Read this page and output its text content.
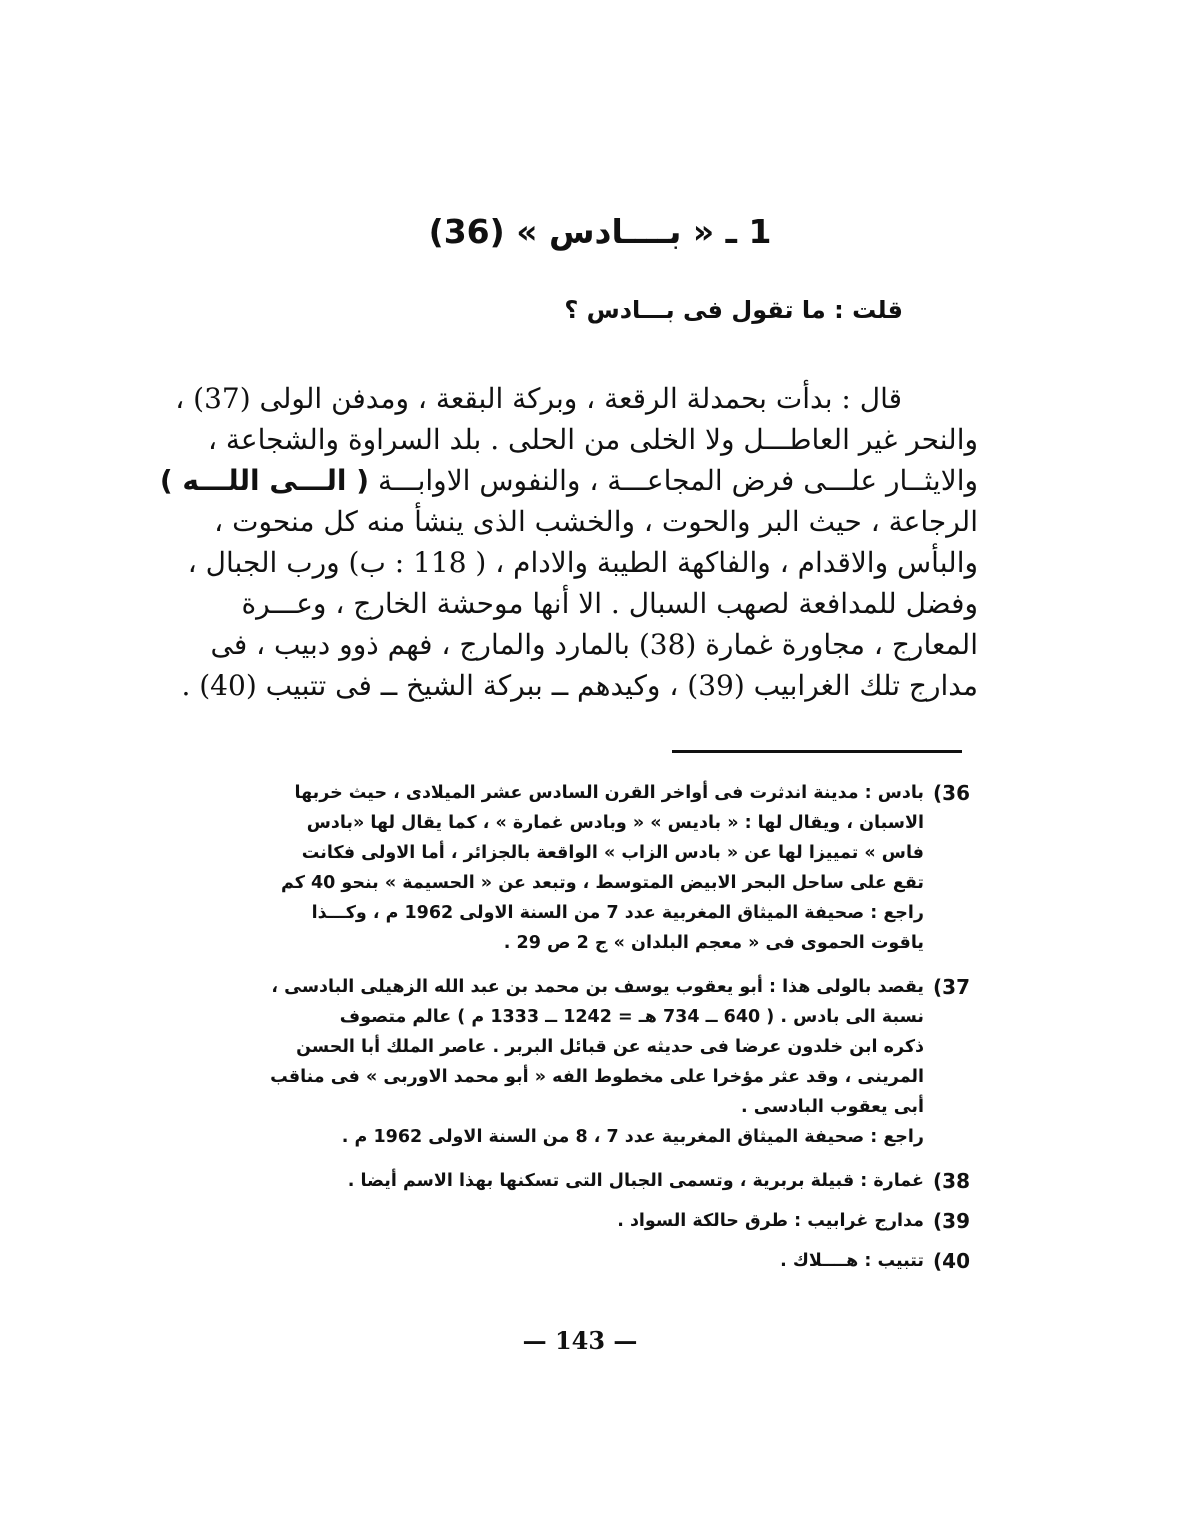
1 ـ « بــــادس » (36)
قلت : ما تقول فى بـــادس ؟
قال : بدأت بحمدلة الرقعة ، وبركة البقعة ، ومدفن الولى (37) ،
والنحر غير العاطـــل ولا الخلى من الحلى . بلد السراوة والشجاعة ،
والايثــار علـــى فرض المجاعـــة ، والنفوس الاوابـــة ( الـــى اللـــه )
الرجاعة ، حيث البر والحوت ، والخشب الذى ينشأ منه كل منحوت ،
والبأس والاقدام ، والفاكهة الطيبة والادام ، ( 118 : ب) ورب الجبال ،
وفضل للمدافعة لصهب السبال . الا أنها موحشة الخارج ، وعـــرة
المعارج ، مجاورة غمارة (38) بالمارد والمارج ، فهم ذوو دبيب ، فى
مدارج تلك الغرابيب (39) ، وكيدهم ــ ببركة الشيخ ــ فى تتبيب (40) .
(36
بادس : مدينة اندثرت فى أواخر القرن السادس عشر الميلادى ، حيث خربها
الاسبان ، ويقال لها : « باديس » « وبادس غمارة » ، كما يقال لها «بادس
فاس » تمييزا لها عن « بادس الزاب » الواقعة بالجزائر ، أما الاولى فكانت
تقع على ساحل البحر الابيض المتوسط ، وتبعد عن « الحسيمة » بنحو 40 كم
راجع : صحيفة الميثاق المغربية عدد 7 من السنة الاولى 1962 م ، وكـــذا
ياقوت الحموى فى « معجم البلدان » ج 2 ص 29 .
(37
يقصد بالولى هذا : أبو يعقوب يوسف بن محمد بن عبد الله الزهيلى البادسى ،
نسبة الى بادس . ( 640 ــ 734 هـ = 1242 ــ 1333 م ) عالم متصوف
ذكره ابن خلدون عرضا فى حديثه عن قبائل البربر . عاصر الملك أبا الحسن
المرينى ، وقد عثر مؤخرا على مخطوط الفه « أبو محمد الاوربى » فى مناقب
أبى يعقوب البادسى .
راجع : صحيفة الميثاق المغربية عدد 7 ، 8 من السنة الاولى 1962 م .
(38
غمارة : قبيلة بربرية ، وتسمى الجبال التى تسكنها بهذا الاسم أيضا .
(39
مدارج غرابيب : طرق حالكة السواد .
(40
تتبيب : هــــلاك .
— 143 —
